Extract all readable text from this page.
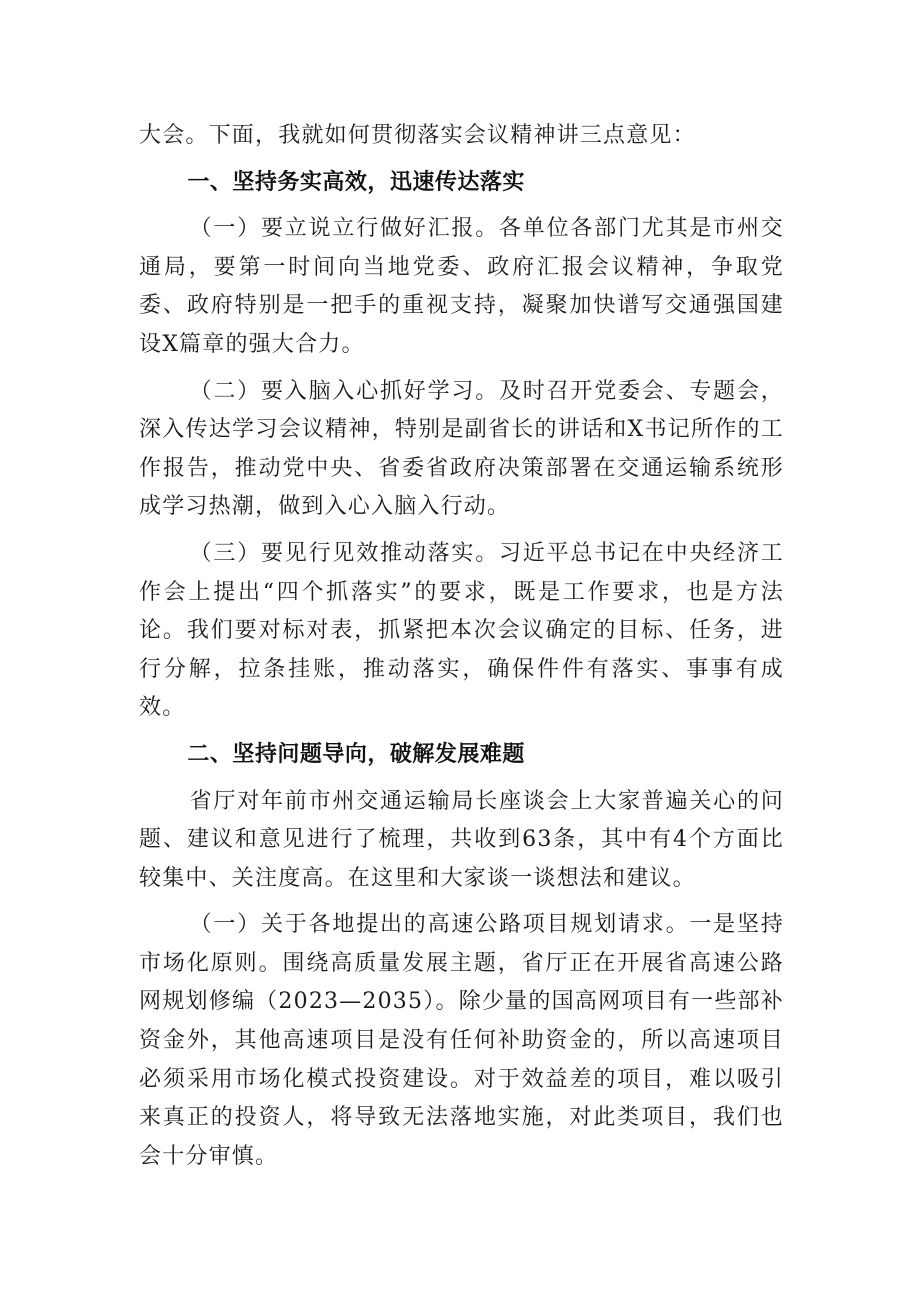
大会。下面，我就如何贯彻落实会议精神讲三点意见：

一、坚持务实高效，迅速传达落实

（一）要立说立行做好汇报。各单位各部门尤其是市州交通局，要第一时间向当地党委、政府汇报会议精神，争取党委、政府特别是一把手的重视支持，凝聚加快谱写交通强国建设X篇章的强大合力。

（二）要入脑入心抓好学习。及时召开党委会、专题会，深入传达学习会议精神，特别是副省长的讲话和X书记所作的工作报告，推动党中央、省委省政府决策部署在交通运输系统形成学习热潮，做到入心入脑入行动。

（三）要见行见效推动落实。习近平总书记在中央经济工作会上提出“四个抓落实”的要求，既是工作要求，也是方法论。我们要对标对表，抓紧把本次会议确定的目标、任务，进行分解，拉条挂账，推动落实，确保件件有落实、事事有成效。

二、坚持问题导向，破解发展难题

省厅对年前市州交通运输局长座谈会上大家普遍关心的问题、建议和意见进行了梳理，共收到63条，其中有4个方面比较集中、关注度高。在这里和大家谈一谈想法和建议。

（一）关于各地提出的高速公路项目规划请求。一是坚持市场化原则。围绕高质量发展主题，省厅正在开展省高速公路网规划修编（2023—2035）。除少量的国高网项目有一些部补资金外，其他高速项目是没有任何补助资金的，所以高速项目必须采用市场化模式投资建设。对于效益差的项目，难以吸引来真正的投资人，将导致无法落地实施，对此类项目，我们也会十分审慎。
